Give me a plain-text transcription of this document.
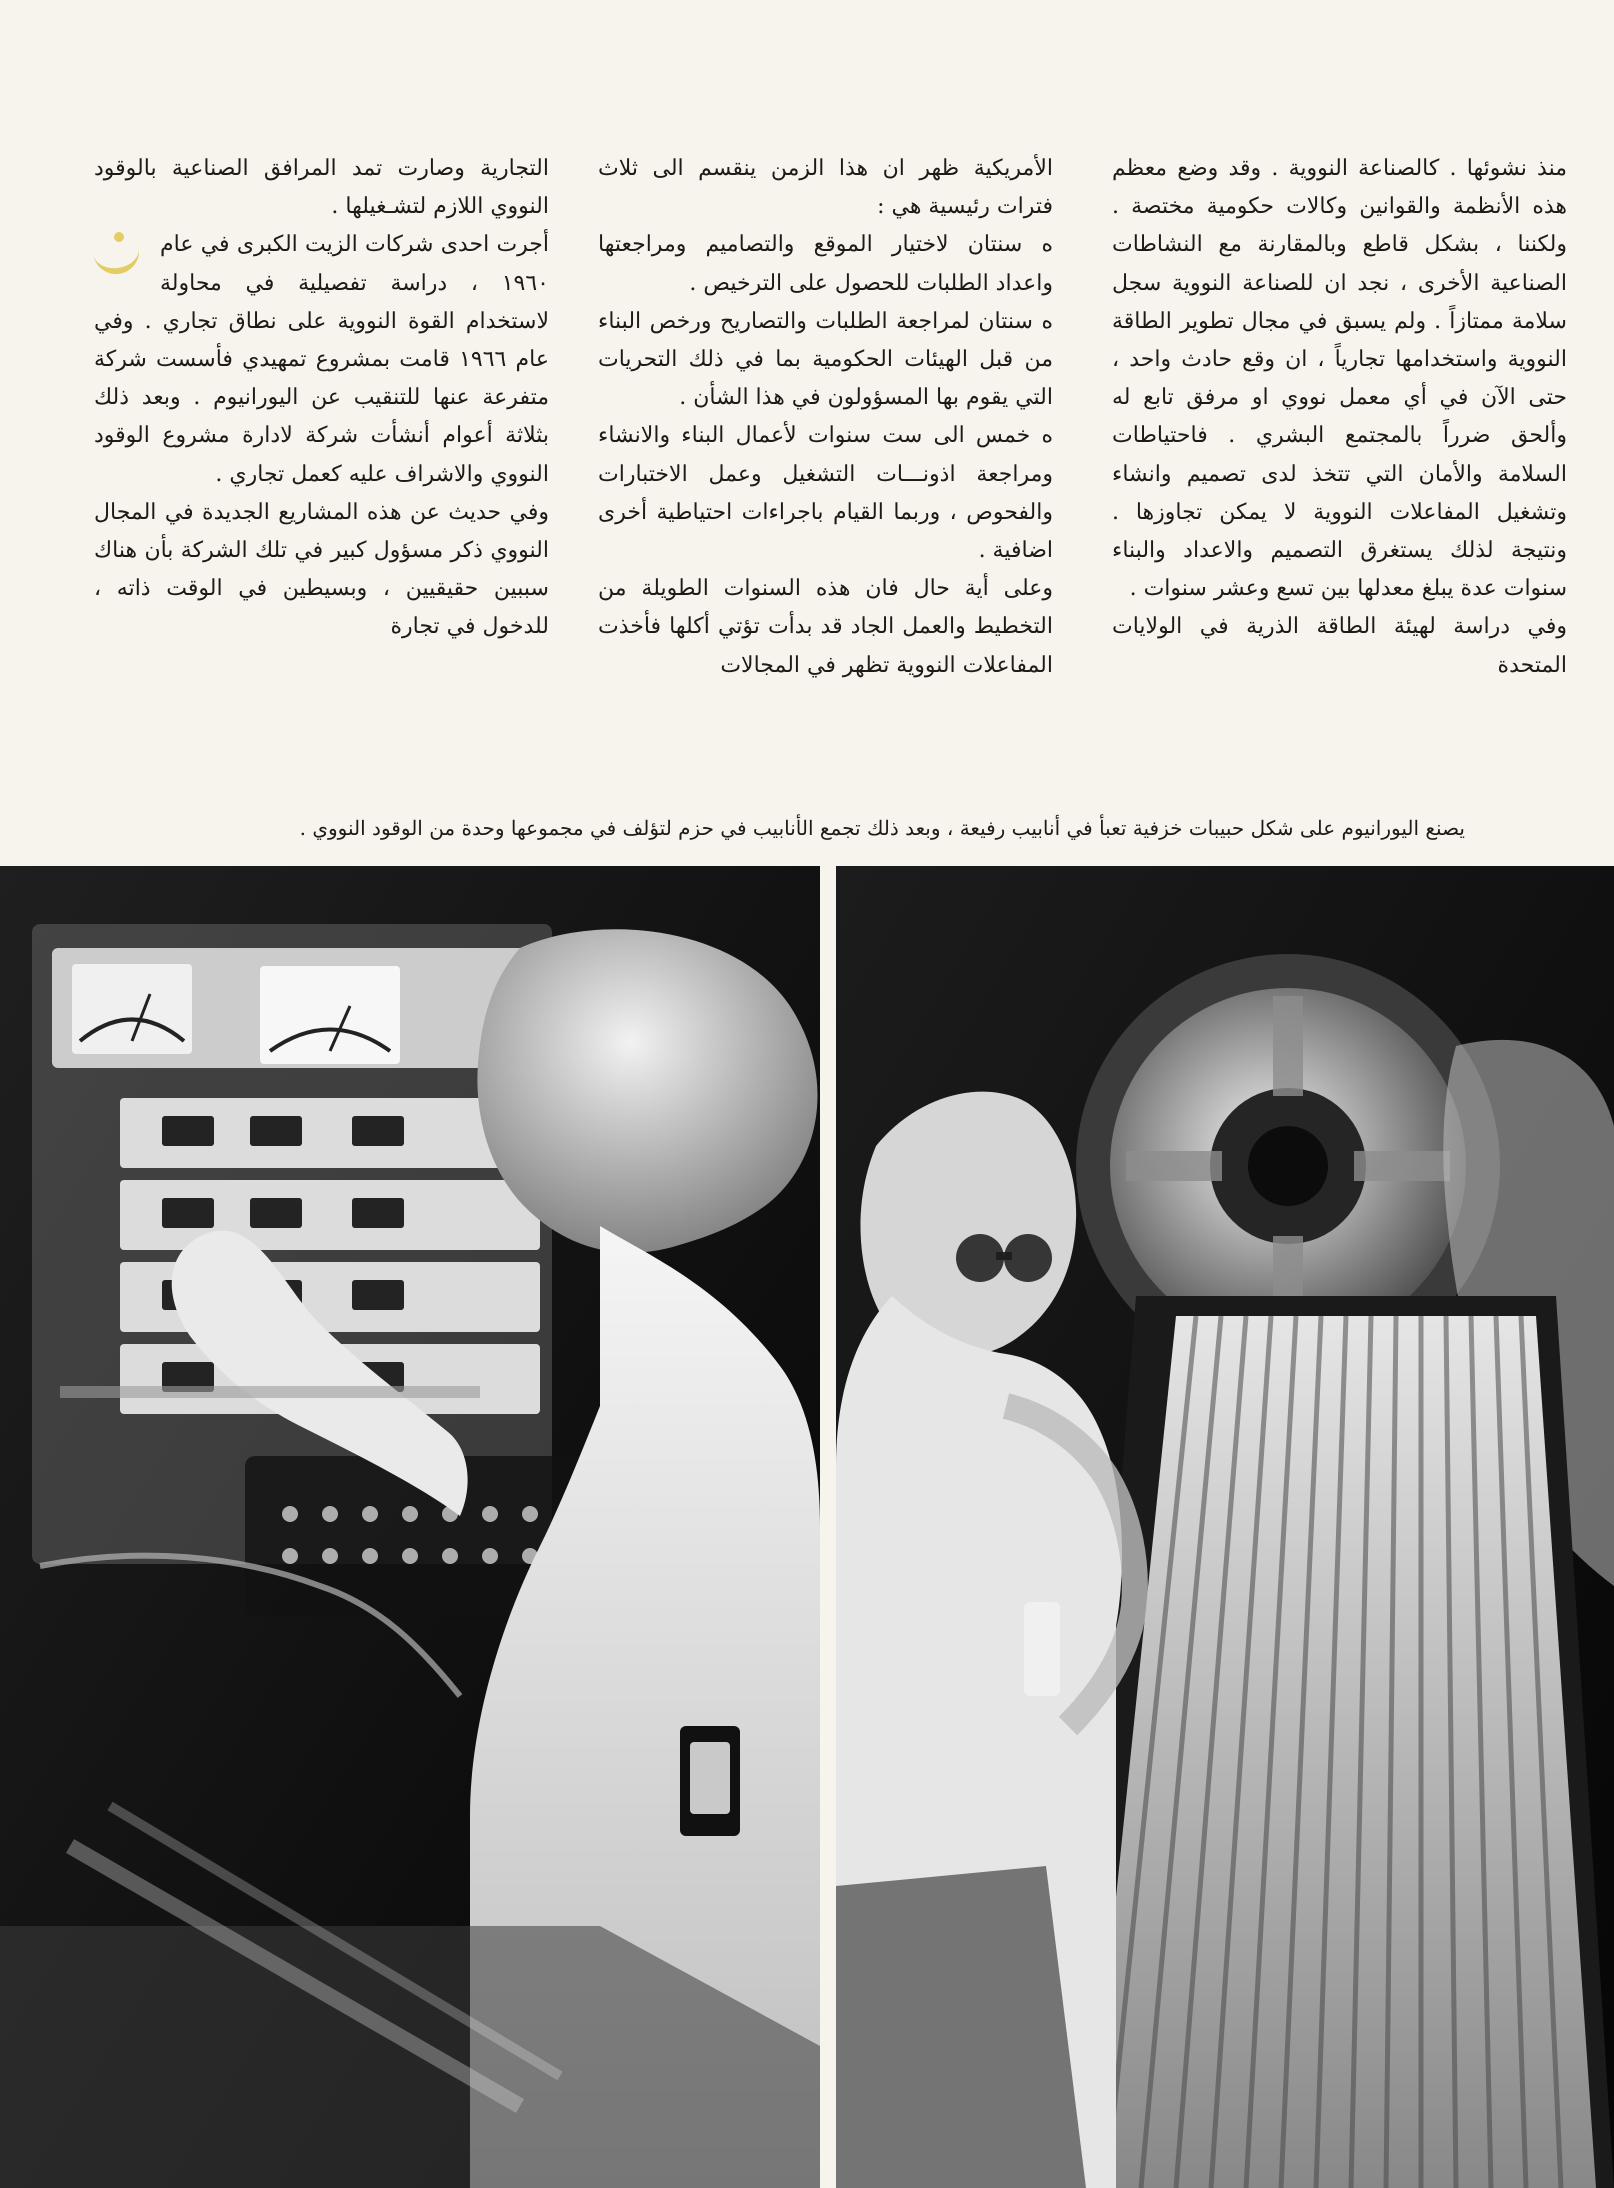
منذ نشوئها . كالصناعة النووية . وقد وضع معظم هذه الأنظمة والقوانين وكالات حكومية مختصة . ولكننا ، بشكل قاطع وبالمقارنة مع النشاطات الصناعية الأخرى ، نجد ان للصناعة النووية سجل سلامة ممتازاً . ولم يسبق في مجال تطوير الطاقة النووية واستخدامها تجارياً ، ان وقع حادث واحد ، حتى الآن في أي معمل نووي او مرفق تابع له وألحق ضرراً بالمجتمع البشري . فاحتياطات السلامة والأمان التي تتخذ لدى تصميم وانشاء وتشغيل المفاعلات النووية لا يمكن تجاوزها . ونتيجة لذلك يستغرق التصميم والاعداد والبناء سنوات عدة يبلغ معدلها بين تسع وعشر سنوات .

وفي دراسة لهيئة الطاقة الذرية في الولايات المتحدة

الأمريكية ظهر ان هذا الزمن ينقسم الى ثلاث فترات رئيسية هي :

ه سنتان لاختيار الموقع والتصاميم ومراجعتها واعداد الطلبات للحصول على الترخيص .

ه سنتان لمراجعة الطلبات والتصاريح ورخص البناء من قبل الهيئات الحكومية بما في ذلك التحريات التي يقوم بها المسؤولون في هذا الشأن .

ه خمس الى ست سنوات لأعمال البناء والانشاء ومراجعة اذونـــات التشغيل وعمل الاختبارات والفحوص ، وربما القيام باجراءات احتياطية أخرى اضافية .

وعلى أية حال فان هذه السنوات الطويلة من التخطيط والعمل الجاد قد بدأت تؤتي أكلها فأخذت المفاعلات النووية تظهر في المجالات

التجارية وصارت تمد المرافق الصناعية بالوقود النووي اللازم لتشـغيلها .

أجرت احدى شركات الزيت الكبرى في عام ١٩٦٠ ، دراسة تفصيلية في محاولة لاستخدام القوة النووية على نطاق تجاري . وفي عام ١٩٦٦ قامت بمشروع تمهيدي فأسست شركة متفرعة عنها للتنقيب عن اليورانيوم . وبعد ذلك بثلاثة أعوام أنشأت شركة لادارة مشروع الوقود النووي والاشراف عليه كعمل تجاري .

وفي حديث عن هذه المشاريع الجديدة في المجال النووي ذكر مسؤول كبير في تلك الشركة بأن هناك سببين حقيقيين ، وبسيطين في الوقت ذاته ، للدخول في تجارة

يصنع اليورانيوم على شكل حبيبات خزفية تعبأ في أنابيب رفيعة ، وبعد ذلك تجمع الأنابيب في حزم لتؤلف في مجموعها وحدة من الوقود النووي .
